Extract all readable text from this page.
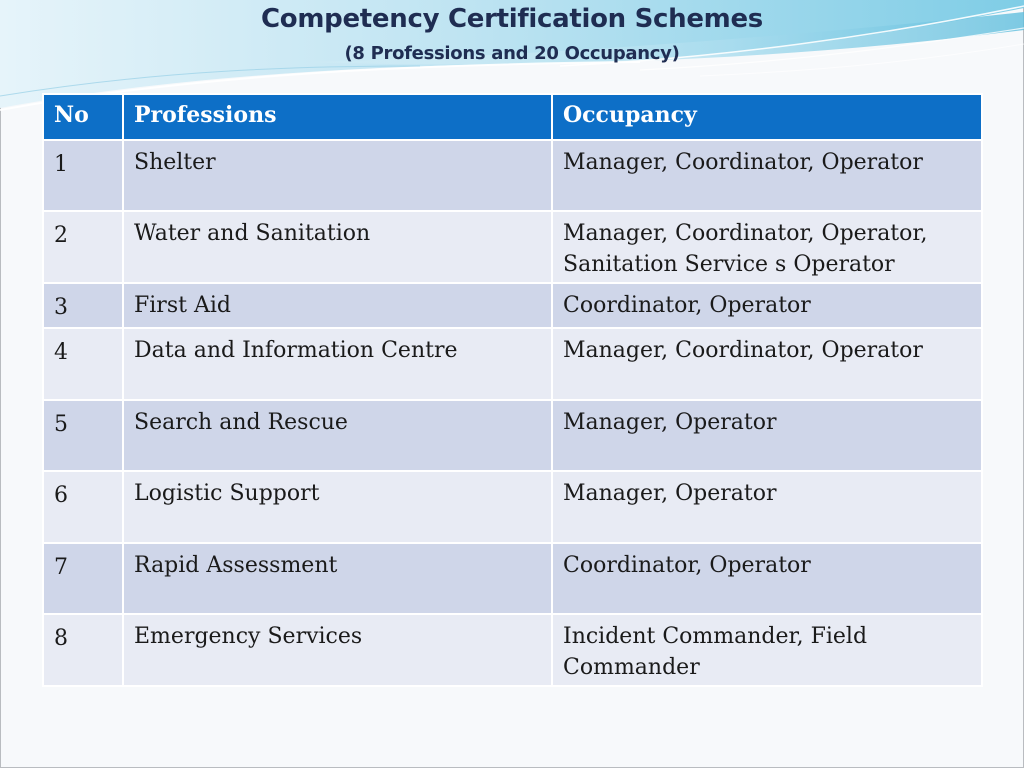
Competency Certification Schemes
(8 Professions and 20 Occupancy)
No	Professions	Occupancy
1	Shelter	Manager, Coordinator, Operator
2	Water and Sanitation	Manager, Coordinator, Operator, Sanitation Service s Operator
3	First Aid	Coordinator, Operator
4	Data and Information Centre	Manager, Coordinator, Operator
5	Search and Rescue	Manager, Operator
6	Logistic Support	Manager, Operator
7	Rapid Assessment	Coordinator, Operator
8	Emergency Services	Incident Commander, Field Commander
